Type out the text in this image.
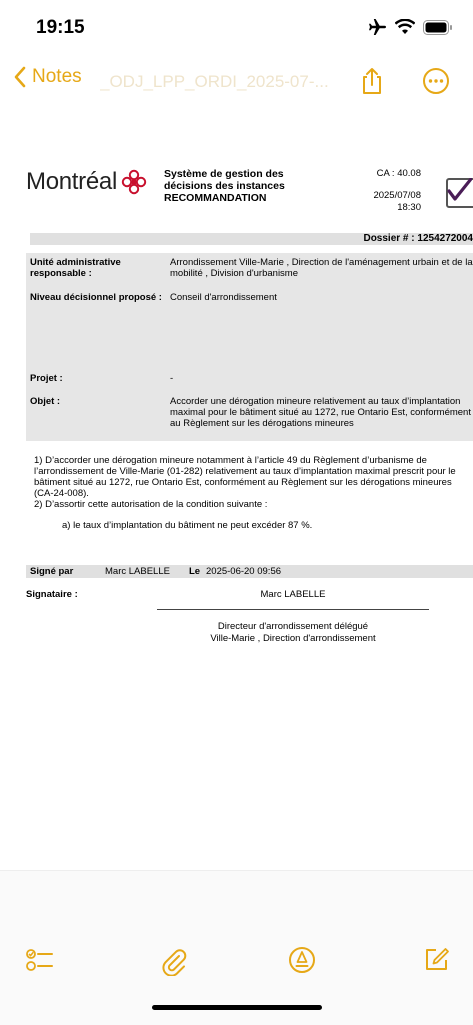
19:15
Notes _ODJ_LPP_ORDI_2025-07-...
Montréal	Système de gestion des
décisions des instances
RECOMMANDATION
CA : 40.08
2025/07/08
18:30
Dossier # : 1254272004
Unité administrative responsable :
Arrondissement Ville-Marie , Direction de l'aménagement urbain et de la mobilité , Division d'urbanisme
Niveau décisionnel proposé : Conseil d'arrondissement
Projet :	-
Objet :	Accorder une dérogation mineure relativement au taux d’implantation maximal pour le bâtiment situé au 1272, rue Ontario Est, conformément au Règlement sur les dérogations mineures

1) D’accorder une dérogation mineure notamment à l’article 49 du Règlement d’urbanisme de l’arrondissement de Ville-Marie (01-282) relativement au taux d’implantation maximal prescrit pour le bâtiment situé au 1272, rue Ontario Est, conformément au Règlement sur les dérogations mineures (CA-24-008).

2) D’assortir cette autorisation de la condition suivante :

a) le taux d’implantation du bâtiment ne peut excéder 87 %.
Signé par	Marc LABELLE Le 2025-06-20 09:56
Signataire :	Marc LABELLE
Directeur d'arrondissement délégué
Ville-Marie , Direction d'arrondissement
